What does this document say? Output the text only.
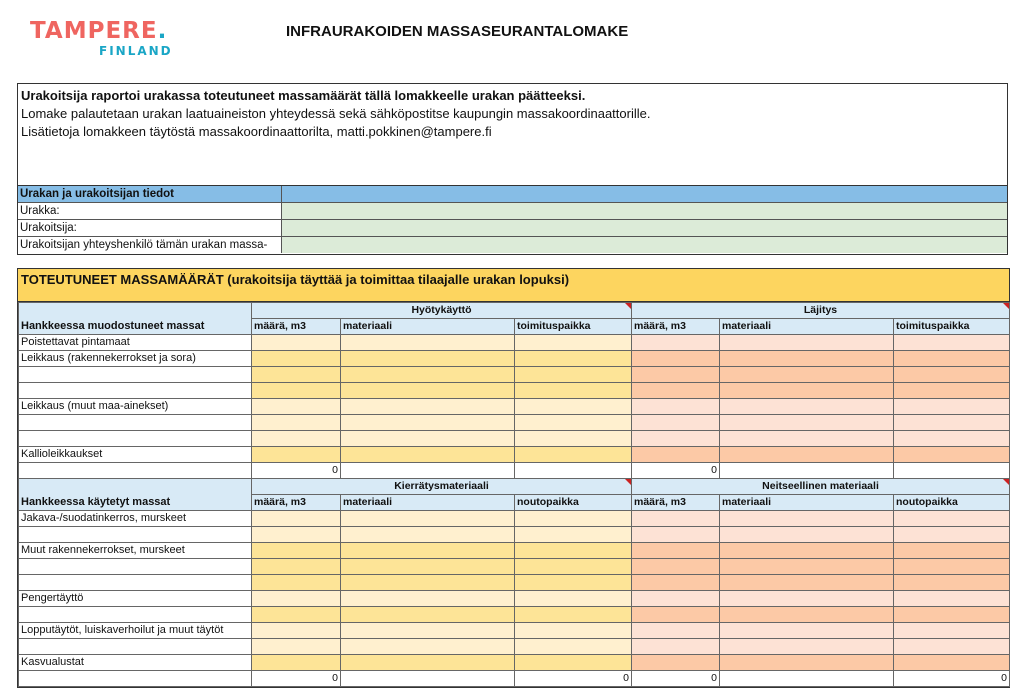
TAMPERE.
FINLAND
INFRAURAKOIDEN MASSASEURANTALOMAKE
Urakoitsija raportoi urakassa toteutuneet massamäärät tällä lomakkeelle urakan päätteeksi.
Lomake palautetaan urakan laatuaineiston yhteydessä sekä sähköpostitse kaupungin massakoordinaattorille.
Lisätietoja lomakkeen täytöstä massakoordinaattorilta, matti.pokkinen@tampere.fi
Urakan ja urakoitsijan tiedot
Urakka:
Urakoitsija:
Urakoitsijan yhteyshenkilö tämän urakan massa-
TOTEUTUNEET MASSAMÄÄRÄT (urakoitsija täyttää ja toimittaa tilaajalle urakan lopuksi)
Hankkeessa muodostuneet massat	Hyötykäyttö			Läjitys		
	määrä, m3	materiaali	toimituspaikka	määrä, m3	materiaali	toimituspaikka
Poistettavat pintamaat						
Leikkaus (rakennekerrokset ja sora)						

Leikkaus (muut maa-ainekset)						

Kallioleikkaukset						
	0			0		
Hankkeessa käytetyt massat	Kierrätysmateriaali			Neitseellinen materiaali		
	määrä, m3	materiaali	noutopaikka	määrä, m3	materiaali	noutopaikka
Jakava-/suodatinkerros, murskeet						

Muut rakennekerrokset, murskeet						

Pengertäyttö						

Lopputäytöt, luiskaverhoilut ja muut täytöt						

Kasvualustat						
	0		0	0		0
